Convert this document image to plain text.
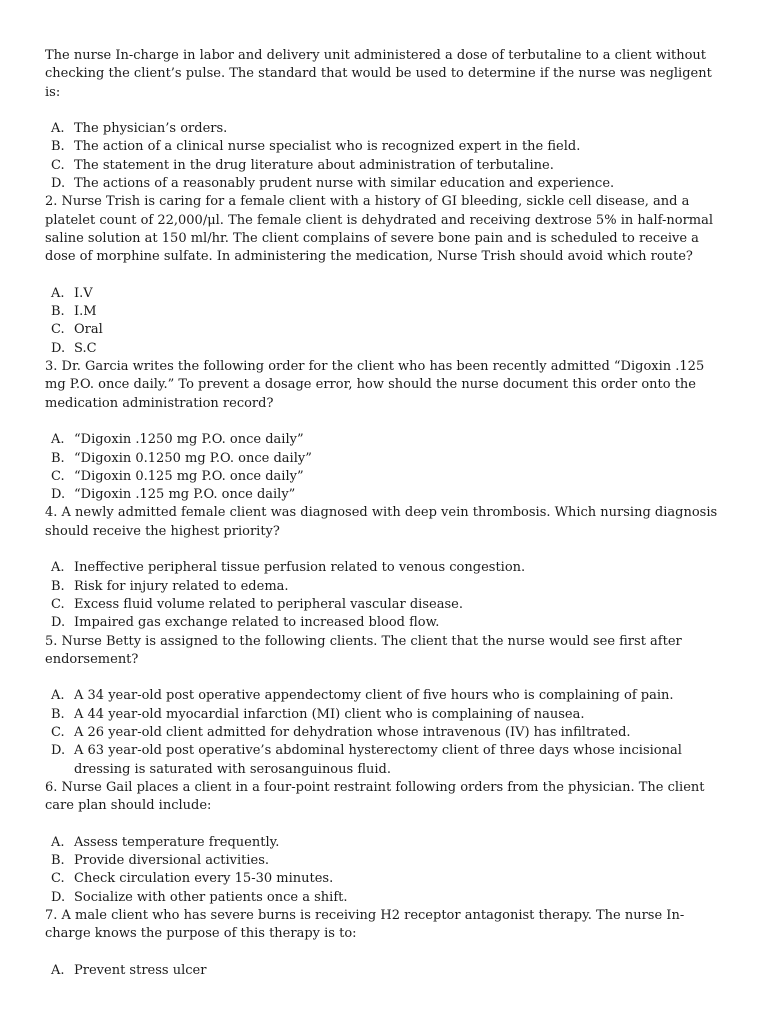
The nurse In-charge in labor and delivery unit administered a dose of terbutaline to a client without checking the client’s pulse. The standard that would be used to determine if the nurse was negligent is:

A. The physician’s orders.
B. The action of a clinical nurse specialist who is recognized expert in the field.
C. The statement in the drug literature about administration of terbutaline.
D. The actions of a reasonably prudent nurse with similar education and experience.

2. Nurse Trish is caring for a female client with a history of GI bleeding, sickle cell disease, and a platelet count of 22,000/μl. The female client is dehydrated and receiving dextrose 5% in half-normal saline solution at 150 ml/hr. The client complains of severe bone pain and is scheduled to receive a dose of morphine sulfate. In administering the medication, Nurse Trish should avoid which route?

A. I.V
B. I.M
C. Oral
D. S.C

3. Dr. Garcia writes the following order for the client who has been recently admitted “Digoxin .125 mg P.O. once daily.” To prevent a dosage error, how should the nurse document this order onto the medication administration record?

A. “Digoxin .1250 mg P.O. once daily”
B. “Digoxin 0.1250 mg P.O. once daily”
C. “Digoxin 0.125 mg P.O. once daily”
D. “Digoxin .125 mg P.O. once daily”

4. A newly admitted female client was diagnosed with deep vein thrombosis. Which nursing diagnosis should receive the highest priority?

A. Ineffective peripheral tissue perfusion related to venous congestion.
B. Risk for injury related to edema.
C. Excess fluid volume related to peripheral vascular disease.
D. Impaired gas exchange related to increased blood flow.

5. Nurse Betty is assigned to the following clients. The client that the nurse would see first after endorsement?

A. A 34 year-old post operative appendectomy client of five hours who is complaining of pain.
B. A 44 year-old myocardial infarction (MI) client who is complaining of nausea.
C. A 26 year-old client admitted for dehydration whose intravenous (IV) has infiltrated.
D. A 63 year-old post operative’s abdominal hysterectomy client of three days whose incisional dressing is saturated with serosanguinous fluid.

6. Nurse Gail places a client in a four-point restraint following orders from the physician. The client care plan should include:

A. Assess temperature frequently.
B. Provide diversional activities.
C. Check circulation every 15-30 minutes.
D. Socialize with other patients once a shift.

7. A male client who has severe burns is receiving H2 receptor antagonist therapy. The nurse In-charge knows the purpose of this therapy is to:

A. Prevent stress ulcer
